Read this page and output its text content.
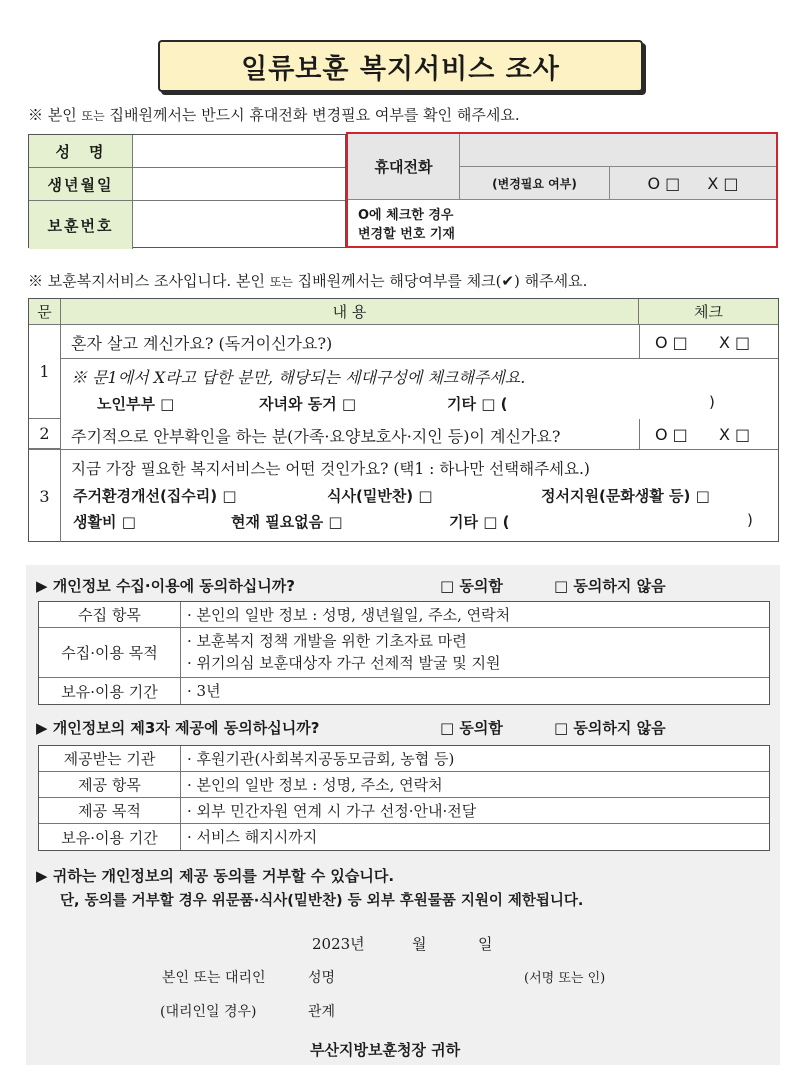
일류보훈 복지서비스 조사
※ 본인 또는 집배원께서는 반드시 휴대전화 변경필요 여부를 확인 해주세요.
성　명
생년월일
보훈번호
휴대전화
(변경필요 여부)	O □ X □
O에 체크한 경우
변경할 번호 기재
※ 보훈복지서비스 조사입니다. 본인 또는 집배원께서는 해당여부를 체크(✔) 해주세요.
문	내 용	체크
1
혼자 살고 계신가요? (독거이신가요?)	O □ X □
※ 문1에서 X라고 답한 분만, 해당되는 세대구성에 체크해주세요.
노인부부 □	자녀와 동거 □	기타 □ (	)
2	주기적으로 안부확인을 하는 분(가족·요양보호사·지인 등)이 계신가요?	O □ X □
3
지금 가장 필요한 복지서비스는 어떤 것인가요? (택1 : 하나만 선택해주세요.)
주거환경개선(집수리) □	식사(밑반찬) □	정서지원(문화생활 등) □
생활비 □	현재 필요없음 □	기타 □ (	)
▶ 개인정보 수집·이용에 동의하십니까?	□ 동의함	□ 동의하지 않음
수집 항목	· 본인의 일반 정보 : 성명, 생년월일, 주소, 연락처
수집·이용 목적
· 보훈복지 정책 개발을 위한 기초자료 마련
· 위기의심 보훈대상자 가구 선제적 발굴 및 지원
보유·이용 기간	· 3년
▶ 개인정보의 제3자 제공에 동의하십니까?	□ 동의함	□ 동의하지 않음
제공받는 기관	· 후원기관(사회복지공동모금회, 농협 등)
제공 항목	· 본인의 일반 정보 : 성명, 주소, 연락처
제공 목적	· 외부 민간자원 연계 시 가구 선정·안내·전달
보유·이용 기간	· 서비스 해지시까지
▶ 귀하는 개인정보의 제공 동의를 거부할 수 있습니다.
단, 동의를 거부할 경우 위문품·식사(밑반찬) 등 외부 후원물품 지원이 제한됩니다.
2023년	월	일
본인 또는 대리인	성명	(서명 또는 인)
(대리인일 경우)	관계
부산지방보훈청장 귀하
